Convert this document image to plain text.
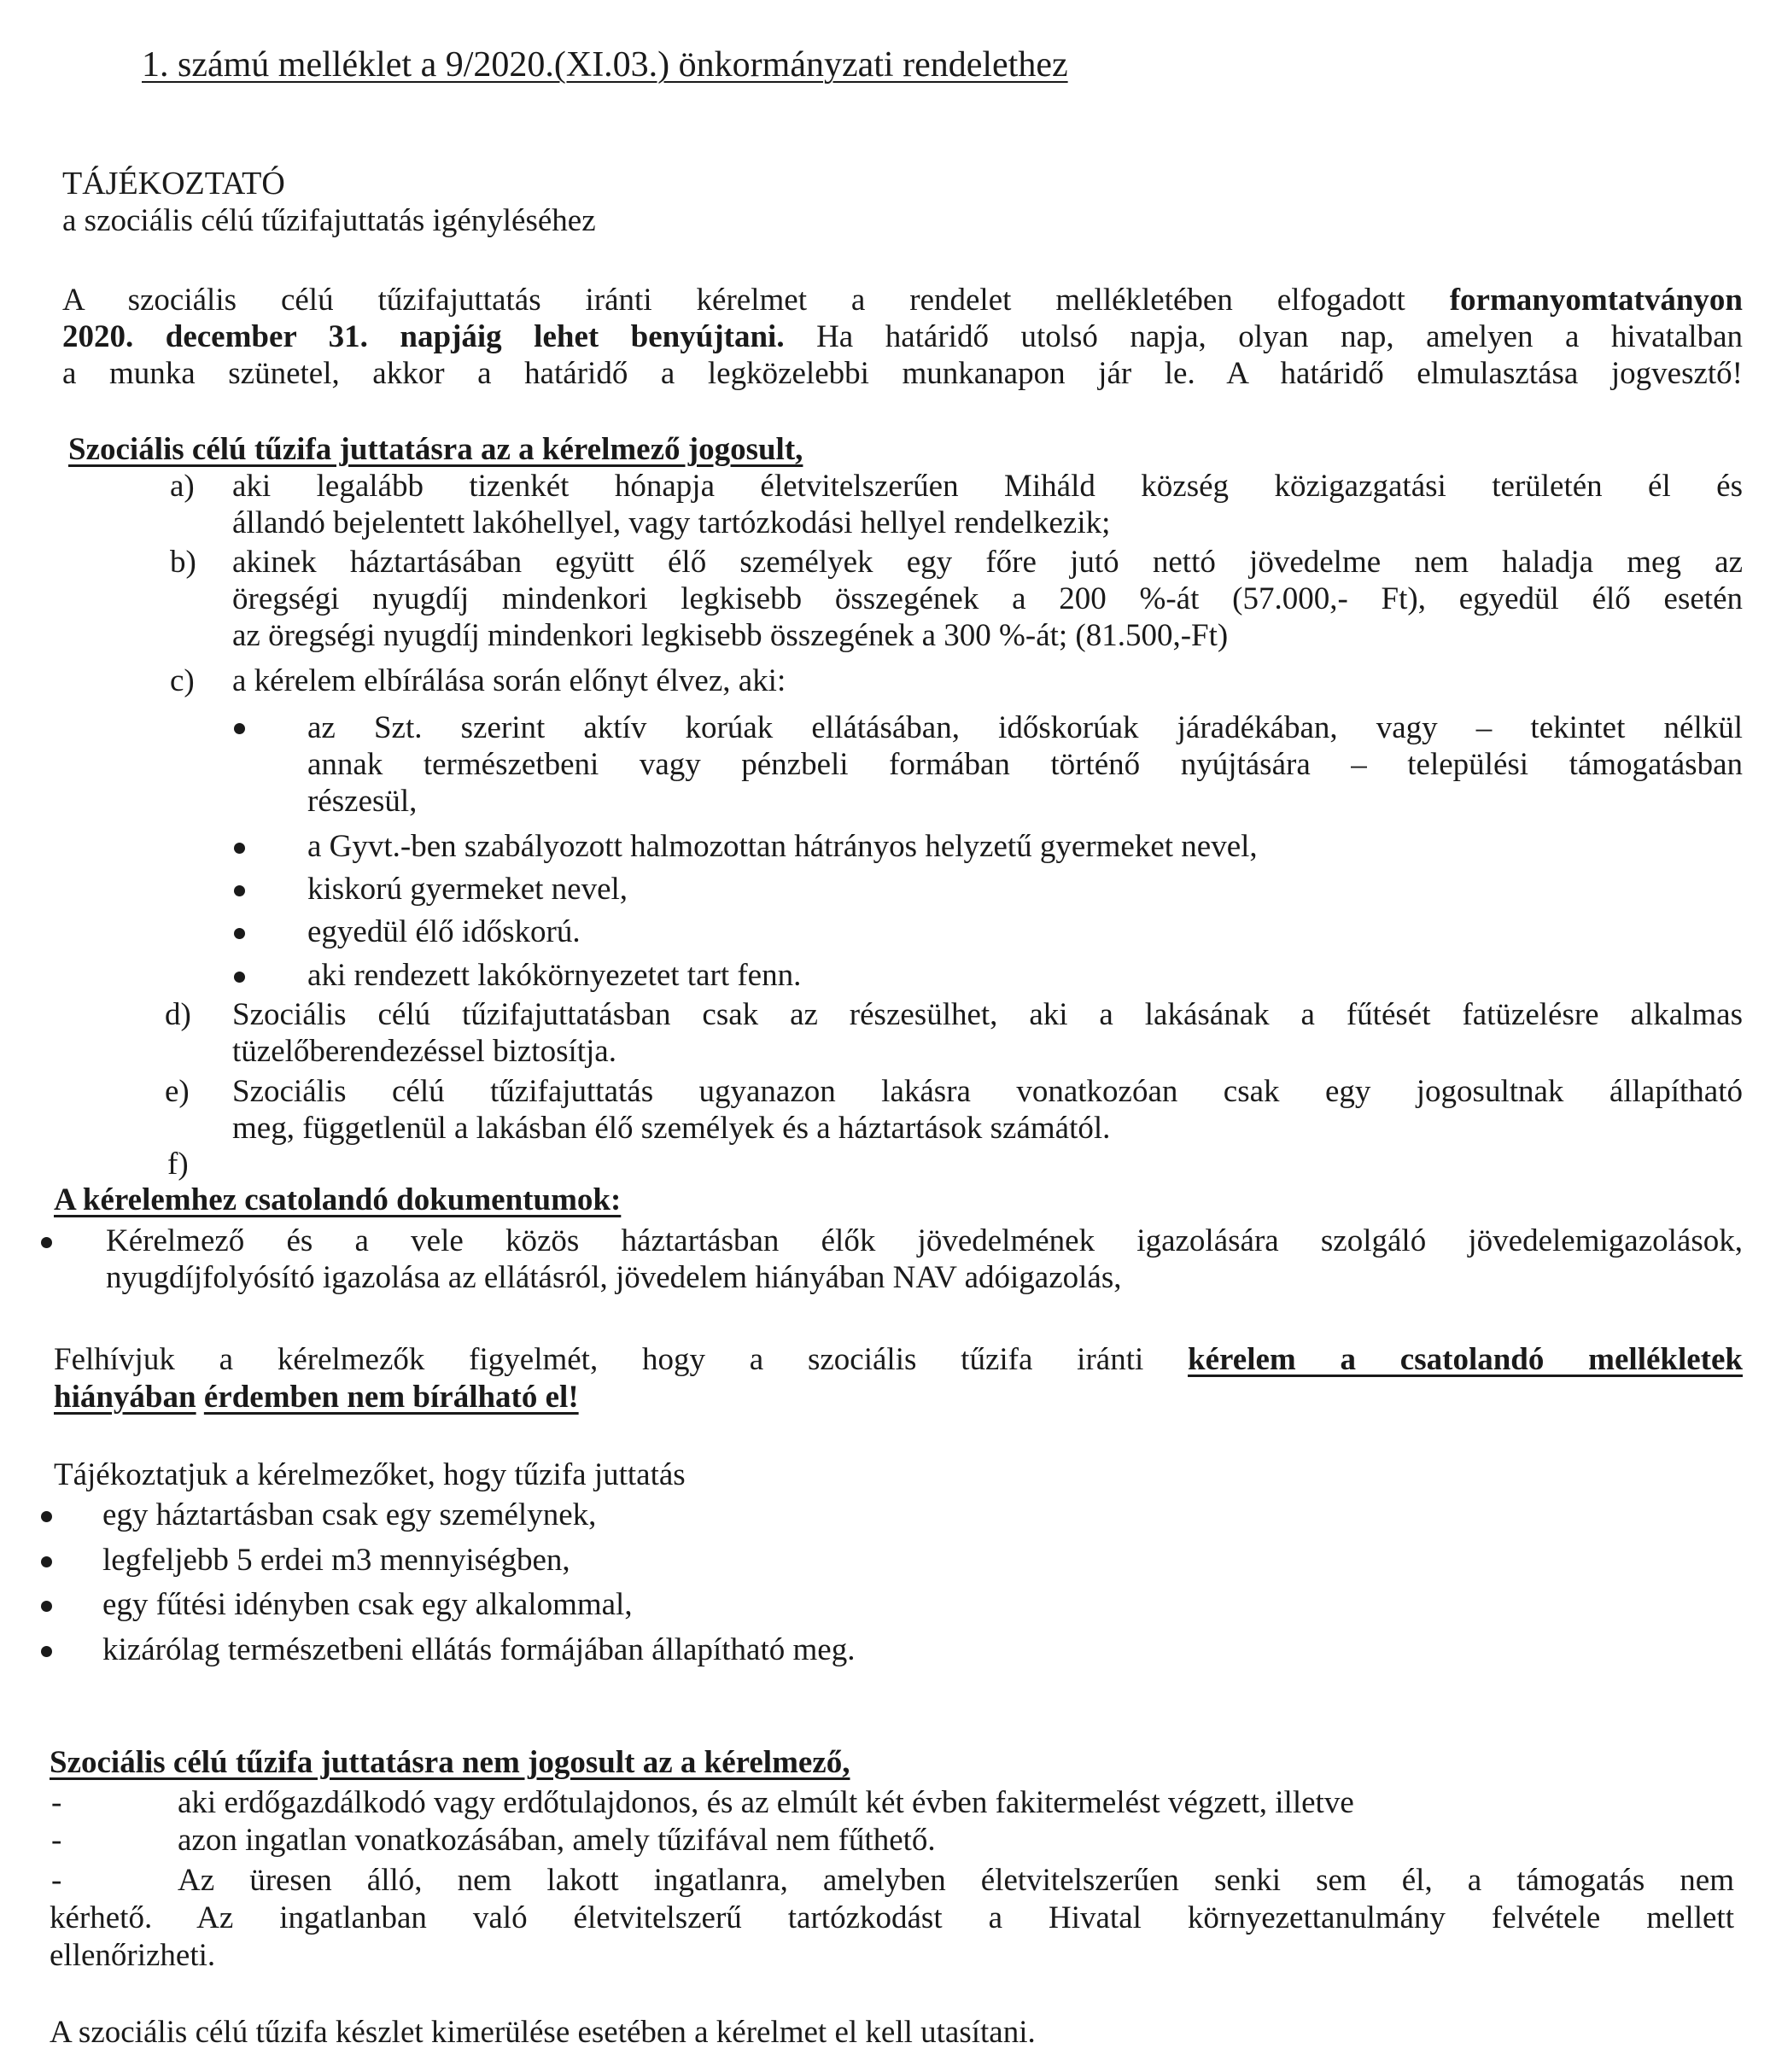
1. számú melléklet a 9/2020.(XI.03.) önkormányzati rendelethez
TÁJÉKOZTATÓ
a szociális célú tűzifajuttatás igényléséhez
A szociális célú tűzifajuttatás iránti kérelmet a rendelet mellékletében elfogadott formanyomtatványon
2020. december 31. napjáig lehet benyújtani. Ha határidő utolsó napja, olyan nap, amelyen a hivatalban
a munka szünetel, akkor a határidő a legközelebbi munkanapon jár le. A határidő elmulasztása jogvesztő!
Szociális célú tűzifa juttatásra az a kérelmező jogosult,
a) aki legalább tizenkét hónapja életvitelszerűen Miháld község közigazgatási területén él és
állandó bejelentett lakóhellyel, vagy tartózkodási hellyel rendelkezik;
b) akinek háztartásában együtt élő személyek egy főre jutó nettó jövedelme nem haladja meg az
öregségi nyugdíj mindenkori legkisebb összegének a 200 %-át (57.000,- Ft), egyedül élő esetén
az öregségi nyugdíj mindenkori legkisebb összegének a 300 %-át; (81.500,-Ft)
c) a kérelem elbírálása során előnyt élvez, aki:
az Szt. szerint aktív korúak ellátásában, időskorúak járadékában, vagy – tekintet nélkül
annak természetbeni vagy pénzbeli formában történő nyújtására – települési támogatásban
részesül,
a Gyvt.-ben szabályozott halmozottan hátrányos helyzetű gyermeket nevel,
kiskorú gyermeket nevel,
egyedül élő időskorú.
aki rendezett lakókörnyezetet tart fenn.
d) Szociális célú tűzifajuttatásban csak az részesülhet, aki a lakásának a fűtését fatüzelésre alkalmas
tüzelőberendezéssel biztosítja.
e) Szociális célú tűzifajuttatás ugyanazon lakásra vonatkozóan csak egy jogosultnak állapítható
meg, függetlenül a lakásban élő személyek és a háztartások számától.
f)
A kérelemhez csatolandó dokumentumok:
Kérelmező és a vele közös háztartásban élők jövedelmének igazolására szolgáló jövedelemigazolások,
nyugdíjfolyósító igazolása az ellátásról, jövedelem hiányában NAV adóigazolás,
Felhívjuk a kérelmezők figyelmét, hogy a szociális tűzifa iránti kérelem a csatolandó mellékletek
hiányában érdemben nem bírálható el!
Tájékoztatjuk a kérelmezőket, hogy tűzifa juttatás
egy háztartásban csak egy személynek,
legfeljebb 5 erdei m3 mennyiségben,
egy fűtési idényben csak egy alkalommal,
kizárólag természetbeni ellátás formájában állapítható meg.
Szociális célú tűzifa juttatásra nem jogosult az a kérelmező,
-	aki erdőgazdálkodó vagy erdőtulajdonos, és az elmúlt két évben fakitermelést végzett, illetve
-	azon ingatlan vonatkozásában, amely tűzifával nem fűthető.
-	Az üresen álló, nem lakott ingatlanra, amelyben életvitelszerűen senki sem él, a támogatás nem
kérhető. Az ingatlanban való életvitelszerű tartózkodást a Hivatal környezettanulmány felvétele mellett
ellenőrizheti.
A szociális célú tűzifa készlet kimerülése esetében a kérelmet el kell utasítani.
